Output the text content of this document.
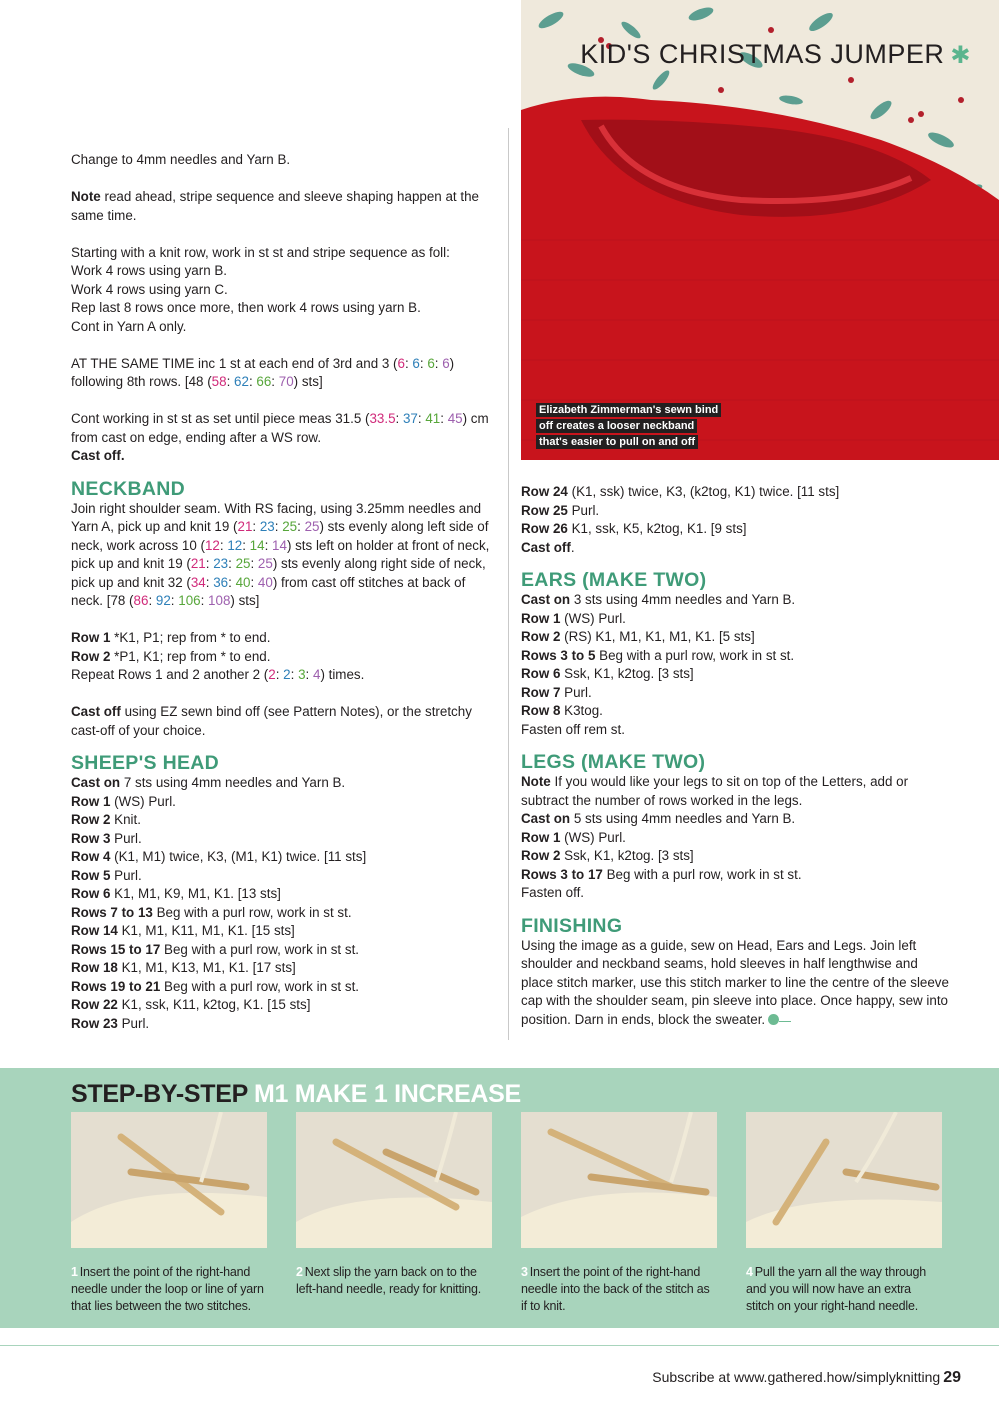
KID'S CHRISTMAS JUMPER ✱
Elizabeth Zimmerman's sewn bind off creates a looser neckband that's easier to pull on and off

Change to 4mm needles and Yarn B.

Note read ahead, stripe sequence and sleeve shaping happen at the same time.

Starting with a knit row, work in st st and stripe sequence as foll:

Work 4 rows using yarn B.

Work 4 rows using yarn C.

Rep last 8 rows once more, then work 4 rows using yarn B.

Cont in Yarn A only.

AT THE SAME TIME inc 1 st at each end of 3rd and 3 (6: 6: 6: 6) following 8th rows. [48 (58: 62: 66: 70) sts]

Cont working in st st as set until piece meas 31.5 (33.5: 37: 41: 45) cm from cast on edge, ending after a WS row.

Cast off.

NECKBAND

Join right shoulder seam. With RS facing, using 3.25mm needles and Yarn A, pick up and knit 19 (21: 23: 25: 25) sts evenly along left side of neck, work across 10 (12: 12: 14: 14) sts left on holder at front of neck, pick up and knit 19 (21: 23: 25: 25) sts evenly along right side of neck, pick up and knit 32 (34: 36: 40: 40) from cast off stitches at back of neck. [78 (86: 92: 106: 108) sts]

Row 1 *K1, P1; rep from * to end.

Row 2 *P1, K1; rep from * to end.

Repeat Rows 1 and 2 another 2 (2: 2: 3: 4) times.

Cast off using EZ sewn bind off (see Pattern Notes), or the stretchy cast-off of your choice.

SHEEP'S HEAD

Cast on 7 sts using 4mm needles and Yarn B.

Row 1 (WS) Purl.

Row 2 Knit.

Row 3 Purl.

Row 4 (K1, M1) twice, K3, (M1, K1) twice. [11 sts]

Row 5 Purl.

Row 6 K1, M1, K9, M1, K1. [13 sts]

Rows 7 to 13 Beg with a purl row, work in st st.

Row 14 K1, M1, K11, M1, K1. [15 sts]

Rows 15 to 17 Beg with a purl row, work in st st.

Row 18 K1, M1, K13, M1, K1. [17 sts]

Rows 19 to 21 Beg with a purl row, work in st st.

Row 22 K1, ssk, K11, k2tog, K1. [15 sts]

Row 23 Purl.

Row 24 (K1, ssk) twice, K3, (k2tog, K1) twice. [11 sts]

Row 25 Purl.

Row 26 K1, ssk, K5, k2tog, K1. [9 sts]

Cast off.

EARS (MAKE TWO)

Cast on 3 sts using 4mm needles and Yarn B.

Row 1 (WS) Purl.

Row 2 (RS) K1, M1, K1, M1, K1. [5 sts]

Rows 3 to 5 Beg with a purl row, work in st st.

Row 6 Ssk, K1, k2tog. [3 sts]

Row 7 Purl.

Row 8 K3tog.

Fasten off rem st.

LEGS (MAKE TWO)

Note If you would like your legs to sit on top of the Letters, add or subtract the number of rows worked in the legs.

Cast on 5 sts using 4mm needles and Yarn B.

Row 1 (WS) Purl.

Row 2 Ssk, K1, k2tog. [3 sts]

Rows 3 to 17 Beg with a purl row, work in st st.

Fasten off.

FINISHING

Using the image as a guide, sew on Head, Ears and Legs. Join left shoulder and neckband seams, hold sleeves in half lengthwise and place stitch marker, use this stitch marker to line the centre of the sleeve cap with the shoulder seam, pin sleeve into place. Once happy, sew into position. Darn in ends, block the sweater.

STEP-BY-STEP M1 MAKE 1 INCREASE
1 Insert the point of the right-hand needle under the loop or line of yarn that lies between the two stitches.
2 Next slip the yarn back on to the left-hand needle, ready for knitting.
3 Insert the point of the right-hand needle into the back of the stitch as if to knit.
4 Pull the yarn all the way through and you will now have an extra stitch on your right-hand needle.
Subscribe at www.gathered.how/simplyknitting 29
